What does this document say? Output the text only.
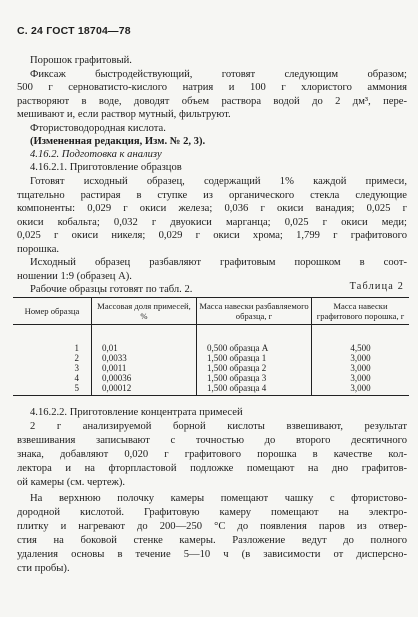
С. 24 ГОСТ 18704—78
Порошок графитовый.
Фиксаж быстродействующий, готовят следующим образом;
500 г серноватисто-кислого натрия и 100 г хлористого аммония
растворяют в воде, доводят объем раствора водой до 2 дм³, пере-
мешивают и, если раствор мутный, фильтруют.
Фтористоводородная кислота.
(Измененная редакция, Изм. № 2, 3).
4.16.2. Подготовка к анализу
4.16.2.1. Приготовление образцов
Готовят исходный образец, содержащий 1% каждой примеси,
тщательно растирая в ступке из органического стекла следующие
компоненты: 0,029 г окиси железа; 0,036 г окиси ванадия; 0,025 г
окиси кобальта; 0,032 г двуокиси марганца; 0,025 г окиси меди;
0,025 г окиси никеля; 0,029 г окиси хрома; 1,799 г графитового
порошка.
Исходный образец разбавляют графитовым порошком в соот-
ношении 1:9 (образец А).
Рабочие образцы готовят по табл. 2.	Таблица 2
Номер образца	Массовая доля примесей, %	Масса навески разбавляемого образца, г	Масса навески графитового порошка, г
1	0,01	0,500 образца А	4,500
2	0,0033	1,500 образца 1	3,000
3	0,0011	1,500 образца 2	3,000
4	0,00036	1,500 образца 3	3,000
5	0,00012	1,500 образца 4	3,000
4.16.2.2. Приготовление концентрата примесей
2 г анализируемой борной кислоты взвешивают, результат
взвешивания записывают с точностью до второго десятичного
знака, добавляют 0,020 г графитового порошка в качестве кол-
лектора и на фторпластовой подложке помещают на дно графитов-
ой камеры (см. чертеж).
На верхнюю полочку камеры помещают чашку с фтористово-
дородной кислотой. Графитовую камеру помещают на электро-
плитку и нагревают до 200—250 °С до появления паров из отвер-
стия на боковой стенке камеры. Разложение ведут до полного
удаления основы в течение 5—10 ч (в зависимости от дисперсно-
сти пробы).
